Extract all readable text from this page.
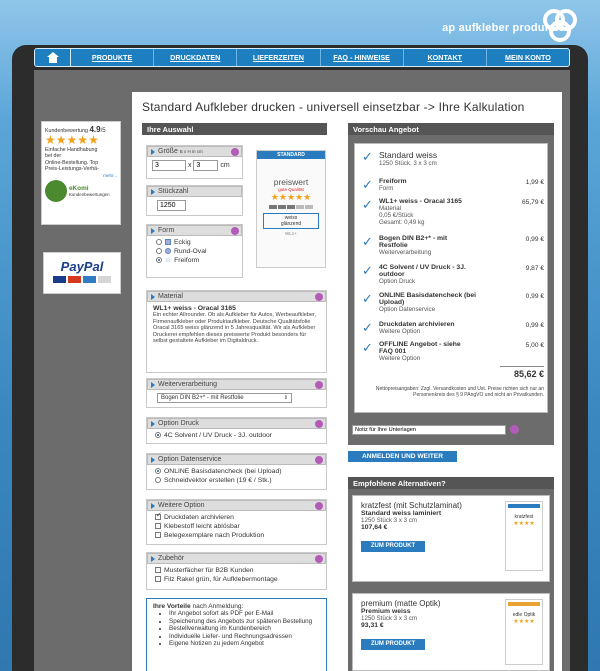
ap aufkleber produktion
PRODUKTE	DRUCKDATEN	LIEFERZEITEN	FAQ - HINWEISE	KONTAKT	MEIN KONTO
Kundenbewertung 4.9/5
★★★★★
Einfache Handhabung
bei der
Online-Bestellung. Top
Preis-Leistungs-Verhä-
mehr...
eKomi
Kundenbewertungen
PayPal
Standard Aufkleber drucken - universell einsetzbar -> Ihre Kalkulation
Ihre Auswahl
Größe B x H in cm
3 x 3	cm
Stückzahl
1250
Form
Eckig
Rund-Oval
☆ Freiform
STANDARD
preiswert
gute Qualität
★★★★★
weiss
glänzend
WL1+
Material
WL1+ weiss - Oracal 3165
Ein echter Allrounder. Ob als Aufkleber für Autos, Werbeaufkleber, Firmenaufkleber oder Produktaufkleber. Deutsche Qualitätsfolie Oracal 3165 weiss glänzend in 5 Jahresqualität. Wir als Aufkleber Druckerei empfehlen dieses preiswerte Produkt besonders für selbst gestaltete Aufkleber im Digitaldruck.
Weiterverarbeitung
Bogen DIN B2+* - mit Restfolie	⇕
Option Druck
4C Solvent / UV Druck - 3J. outdoor
Option Datenservice
ONLINE Basisdatencheck (bei Upload)
Schneidvektor erstellen (19 € / Stk.)
Weitere Option
✓Druckdaten archivieren
Klebestoff leicht ablösbar
Belegexemplare nach Produktion
Zubehör
Musterfächer für B2B Kunden
Filz Rakel grün, für Aufklebermontage
Ihre Vorteile nach Anmeldung:
• Ihr Angebot sofort als PDF per E-Mail
• Speicherung des Angebots zur späteren Bestellung
• Bestellverwaltung im Kundenbereich
• Individuelle Liefer- und Rechnungsadressen
• Eigene Notizen zu jedem Angebot
Vorschau Angebot
✓ Standard weiss
1250 Stück, 3 x 3 cm
✓ Freiform
Form
1,99 €
✓ WL1+ weiss - Oracal 3165
Material
0,05 €/Stück
Gesamt: 0,49 kg
65,79 €
✓ Bogen DIN B2+* - mit Restfolie
Weiterverarbeitung
0,99 €
✓ 4C Solvent / UV Druck - 3J. outdoor
Option Druck
9,87 €
✓ ONLINE Basisdatencheck (bei Upload)
Option Datenservice
0,99 €
✓ Druckdaten archivieren
Weitere Option
0,99 €
✓ OFFLINE Angebot - siehe FAQ 001
Weitere Option
5,00 €
85,62 €
Nettopreisangaben: Zzgl. Versandkosten und Ust. Preise richten sich nur an Personenkreis des § 9 PAngVO und nicht an Privatkunden.
Notiz für Ihre Unterlagen
ANMELDEN UND WEITER
Empfohlene Alternativen?
kratzfest (mit Schutzlaminat)
Standard weiss laminiert
1250 Stück 3 x 3 cm
107,64 €
ZUM PRODUKT
kratzfest
★★★★
premium (matte Optik)
Premium weiss
1250 Stück 3 x 3 cm
93,31 €
ZUM PRODUKT
edle Optik
★★★★
